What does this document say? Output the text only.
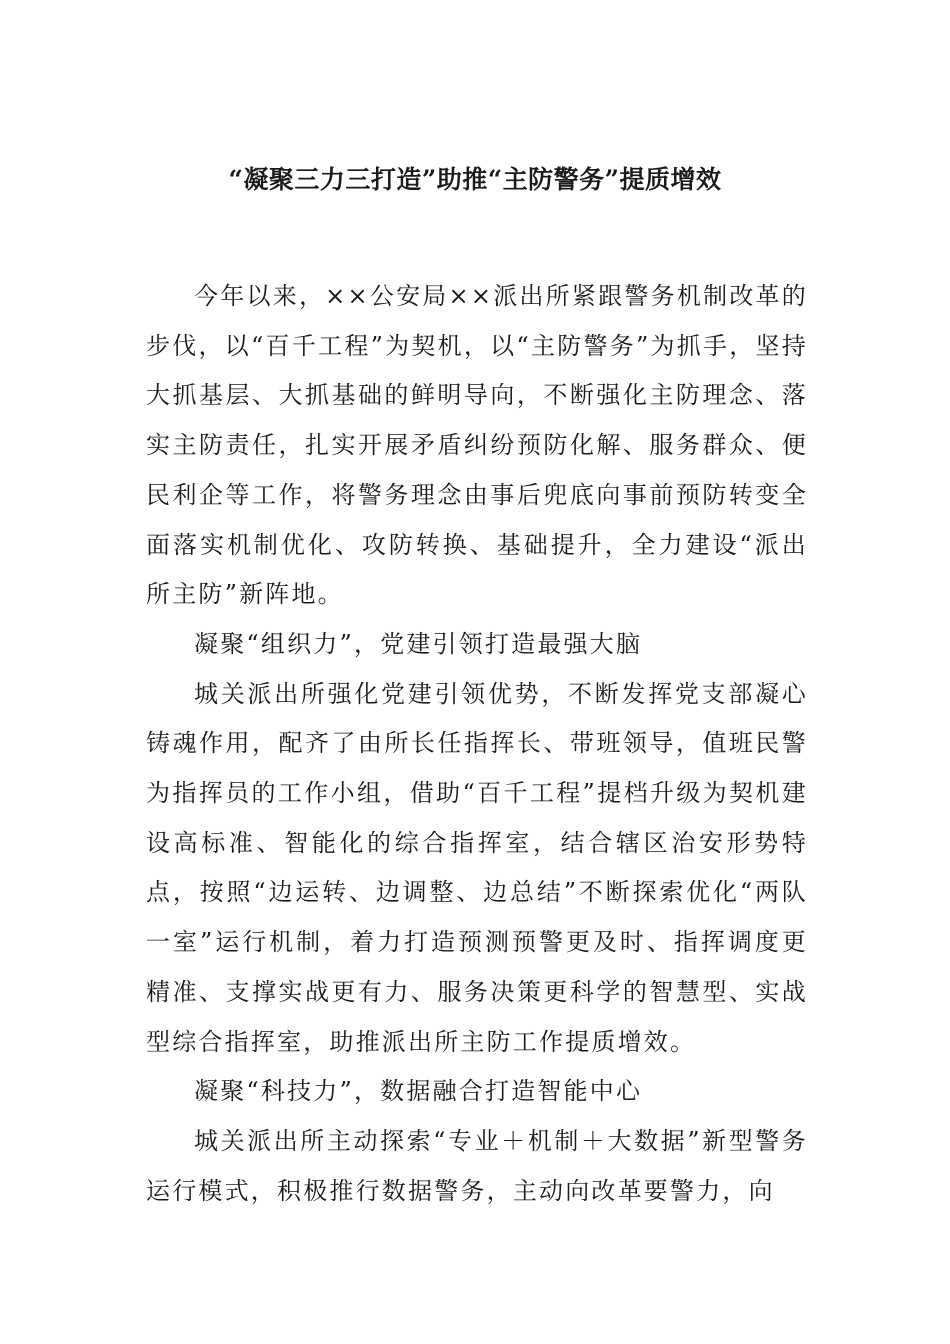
“凝聚三力三打造”助推“主防警务”提质增效

今年以来，××公安局××派出所紧跟警务机制改革的步伐，以“百千工程”为契机，以“主防警务”为抓手，坚持大抓基层、大抓基础的鲜明导向，不断强化主防理念、落实主防责任，扎实开展矛盾纠纷预防化解、服务群众、便民利企等工作，将警务理念由事后兜底向事前预防转变全面落实机制优化、攻防转换、基础提升，全力建设“派出所主防”新阵地。

凝聚“组织力”，党建引领打造最强大脑

城关派出所强化党建引领优势，不断发挥党支部凝心铸魂作用，配齐了由所长任指挥长、带班领导，值班民警为指挥员的工作小组，借助“百千工程”提档升级为契机建设高标准、智能化的综合指挥室，结合辖区治安形势特点，按照“边运转、边调整、边总结”不断探索优化“两队一室”运行机制，着力打造预测预警更及时、指挥调度更精准、支撑实战更有力、服务决策更科学的智慧型、实战型综合指挥室，助推派出所主防工作提质增效。

凝聚“科技力”，数据融合打造智能中心

城关派出所主动探索“专业＋机制＋大数据”新型警务运行模式，积极推行数据警务，主动向改革要警力，向
